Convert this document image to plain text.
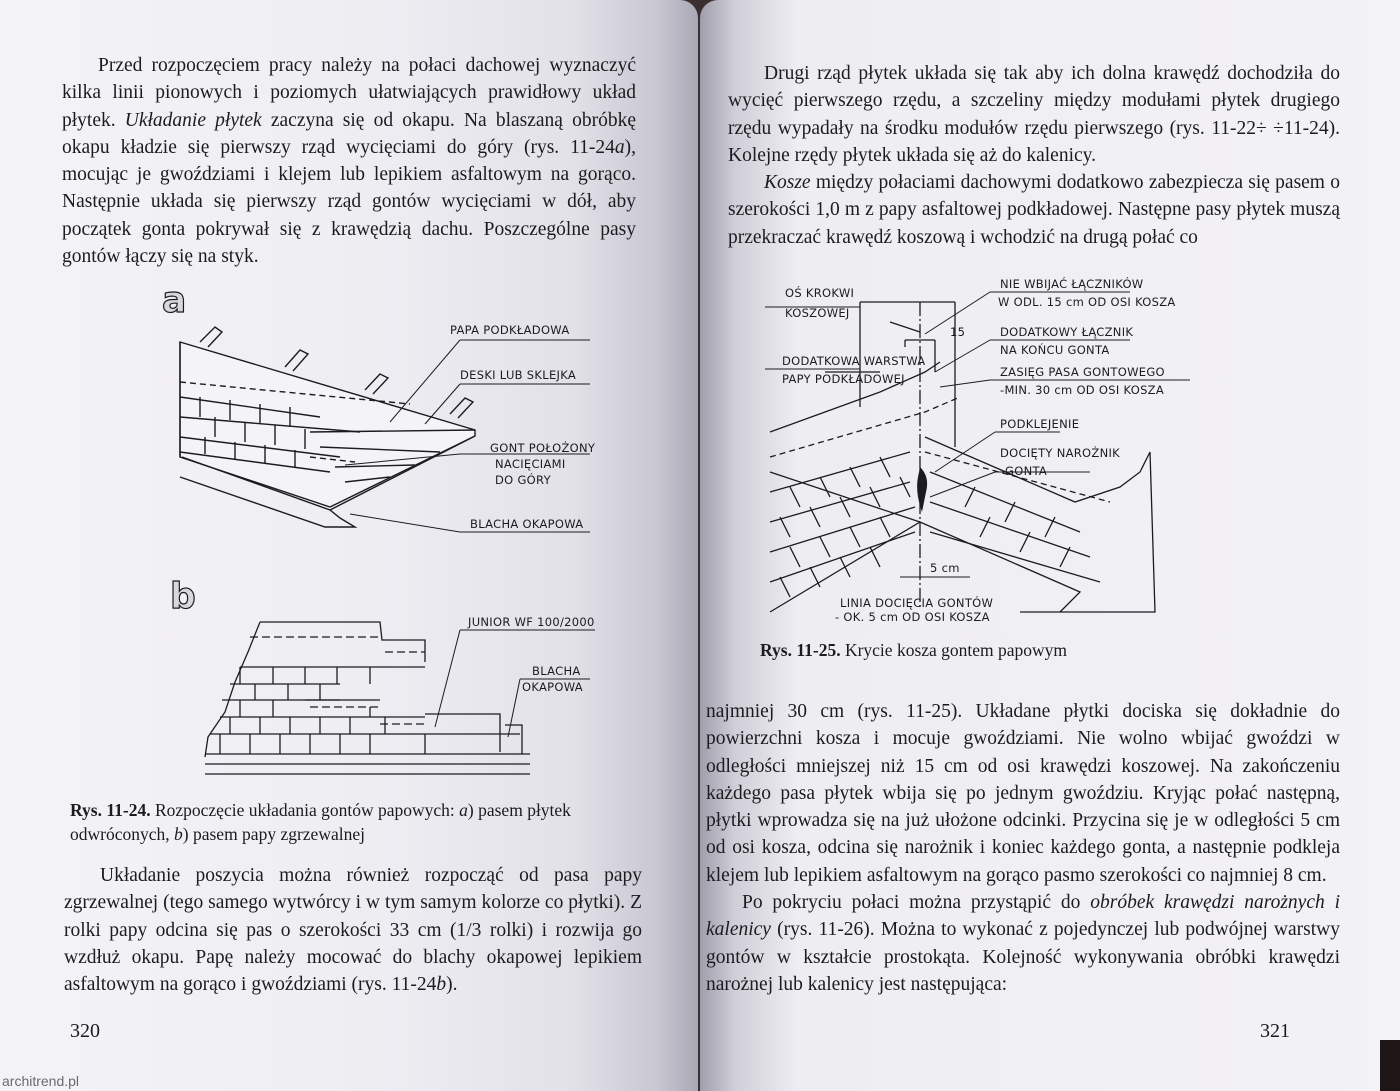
Przed rozpoczęciem pracy należy na połaci dachowej wyznaczyć kilka linii pionowych i poziomych ułatwiających prawidłowy układ płytek. Układanie płytek zaczyna się od okapu. Na blaszaną obróbkę okapu kładzie się pierwszy rząd wycięciami do góry (rys. 11-24a), mocując je gwoździami i klejem lub lepikiem asfaltowym na gorąco. Następnie układa się pierwszy rząd gontów wycięciami w dół, aby początek gonta pokrywał się z krawędzią dachu. Poszczególne pasy gontów łączy się na styk.

a
PAPA PODKŁADOWA
DESKI LUB SKLEJKA
GONT POŁOŻONY
NACIĘCIAMI
DO GÓRY
BLACHA OKAPOWA
b
JUNIOR WF 100/2000
BLACHA
OKAPOWA

Rys. 11-24. Rozpoczęcie układania gontów papowych: a) pasem płytek odwróconych, b) pasem papy zgrzewalnej

Układanie poszycia można również rozpocząć od pasa papy zgrzewalnej (tego samego wytwórcy i w tym samym kolorze co płytki). Z rolki papy odcina się pas o szerokości 33 cm (1/3 rolki) i rozwija go wzdłuż okapu. Papę należy mocować do blachy okapowej lepikiem asfaltowym na gorąco i gwoździami (rys. 11-24b).

320
architrend.pl

Drugi rząd płytek układa się tak aby ich dolna krawędź dochodziła do wycięć pierwszego rzędu, a szczeliny między modułami płytek drugiego rzędu wypadały na środku modułów rzędu pierwszego (rys. 11-22÷ ÷11-24). Kolejne rzędy płytek układa się aż do kalenicy.

Kosze między połaciami dachowymi dodatkowo zabezpiecza się pasem o szerokości 1,0 m z papy asfaltowej podkładowej. Następne pasy płytek muszą przekraczać krawędź koszową i wchodzić na drugą połać co

OŚ KROKWI
KOSZOWEJ
NIE WBIJAĆ ŁĄCZNIKÓW
W ODL. 15 cm OD OSI KOSZA
15	DODATKOWY ŁĄCZNIK
NA KOŃCU GONTA
DODATKOWA WARSTWA
PAPY PODKŁADOWEJ	ZASIĘG PASA GONTOWEGO
-MIN. 30 cm OD OSI KOSZA
PODKLEJENIE
DOCIĘTY NAROŻNIK
GONTA
5 cm
LINIA DOCIĘCIA GONTÓW
- OK. 5 cm OD OSI KOSZA

Rys. 11-25. Krycie kosza gontem papowym

najmniej 30 cm (rys. 11-25). Układane płytki dociska się dokładnie do powierzchni kosza i mocuje gwoździami. Nie wolno wbijać gwoździ w odległości mniejszej niż 15 cm od osi krawędzi koszowej. Na zakończeniu każdego pasa płytek wbija się po jednym gwoździu. Kryjąc połać następną, płytki wprowadza się na już ułożone odcinki. Przycina się je w odległości 5 cm od osi kosza, odcina się narożnik i koniec każdego gonta, a następnie podkleja klejem lub lepikiem asfaltowym na gorąco pasmo szerokości co najmniej 8 cm.

Po pokryciu połaci można przystąpić do obróbek krawędzi narożnych i kalenicy (rys. 11-26). Można to wykonać z pojedynczej lub podwójnej warstwy gontów w kształcie prostokąta. Kolejność wykonywania obróbki krawędzi narożnej lub kalenicy jest następująca:

321
